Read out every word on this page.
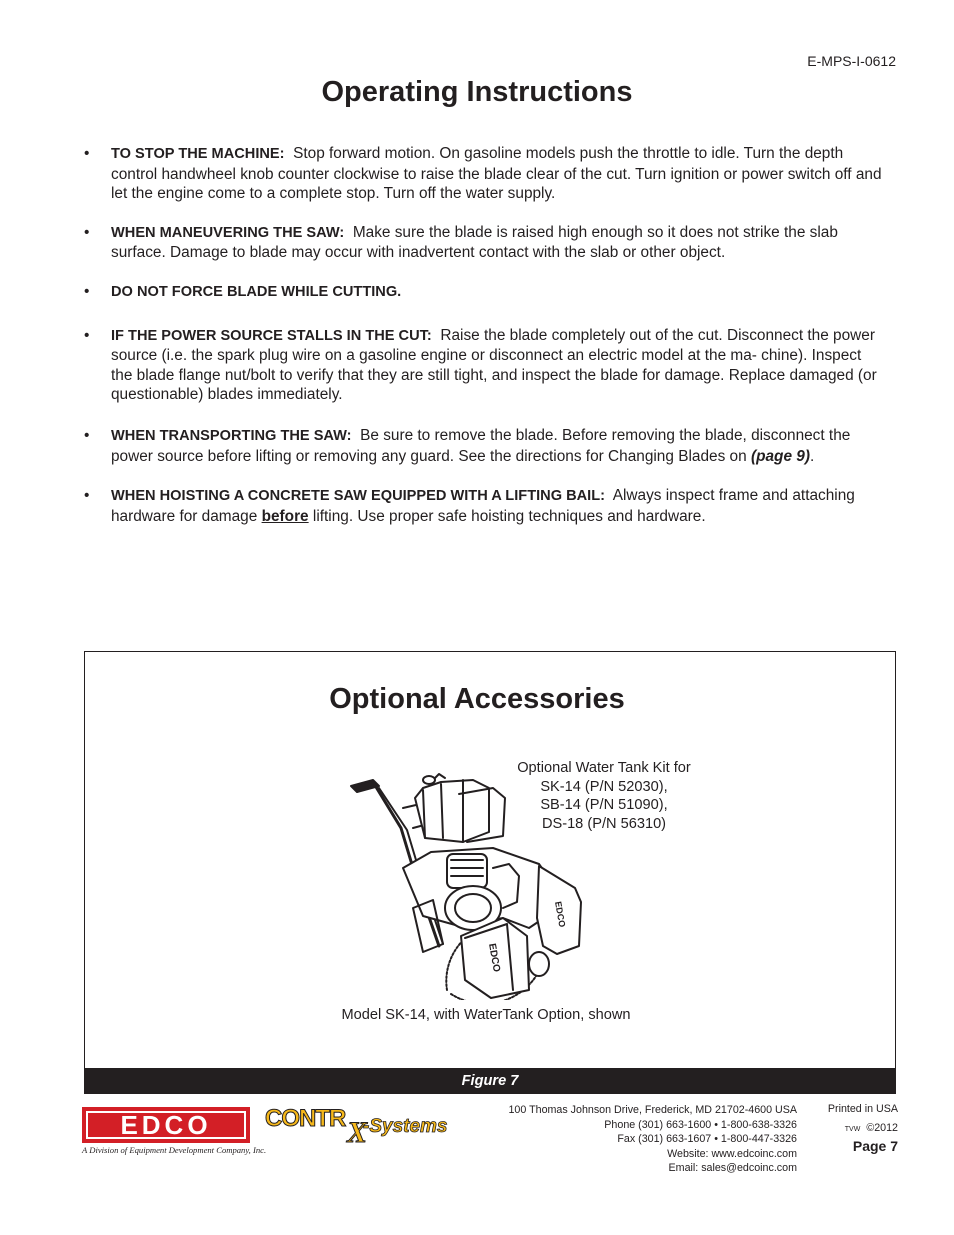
E-MPS-I-0612
Operating Instructions
• TO STOP THE MACHINE: Stop forward motion. On gasoline models push the throttle to idle. Turn the depth control handwheel knob counter clockwise to raise the blade clear of the cut. Turn ignition or power switch off and let the engine come to a complete stop. Turn off the water supply.
• WHEN MANEUVERING THE SAW: Make sure the blade is raised high enough so it does not strike the slab surface. Damage to blade may occur with inadvertent contact with the slab or other object.
• DO NOT FORCE BLADE WHILE CUTTING.
• IF THE POWER SOURCE STALLS IN THE CUT: Raise the blade completely out of the cut. Disconnect the power source (i.e. the spark plug wire on a gasoline engine or disconnect an electric model at the ma- chine). Inspect the blade flange nut/bolt to verify that they are still tight, and inspect the blade for damage. Replace damaged (or questionable) blades immediately.
• WHEN TRANSPORTING THE SAW: Be sure to remove the blade. Before removing the blade, disconnect the power source before lifting or removing any guard. See the directions for Changing Blades on (page 9).
• WHEN HOISTING A CONCRETE SAW EQUIPPED WITH A LIFTING BAIL: Always inspect frame and attaching hardware for damage before lifting. Use proper safe hoisting techniques and hardware.
Optional Accessories
Optional Water Tank Kit for
SK-14 (P/N 52030),
SB-14 (P/N 51090),
DS-18 (P/N 56310)
EDCO
EDCO
Model SK-14, with WaterTank Option, shown
Figure 7
EDCO
A Division of Equipment Development Company, Inc.
CONTR X
-Systems
100 Thomas Johnson Drive, Frederick, MD 21702-4600 USA
Phone (301) 663-1600 • 1-800-638-3326
Fax (301) 663-1607 • 1-800-447-3326
Website: www.edcoinc.com
Email: sales@edcoinc.com
Printed in USA
TVW ©2012
Page 7
